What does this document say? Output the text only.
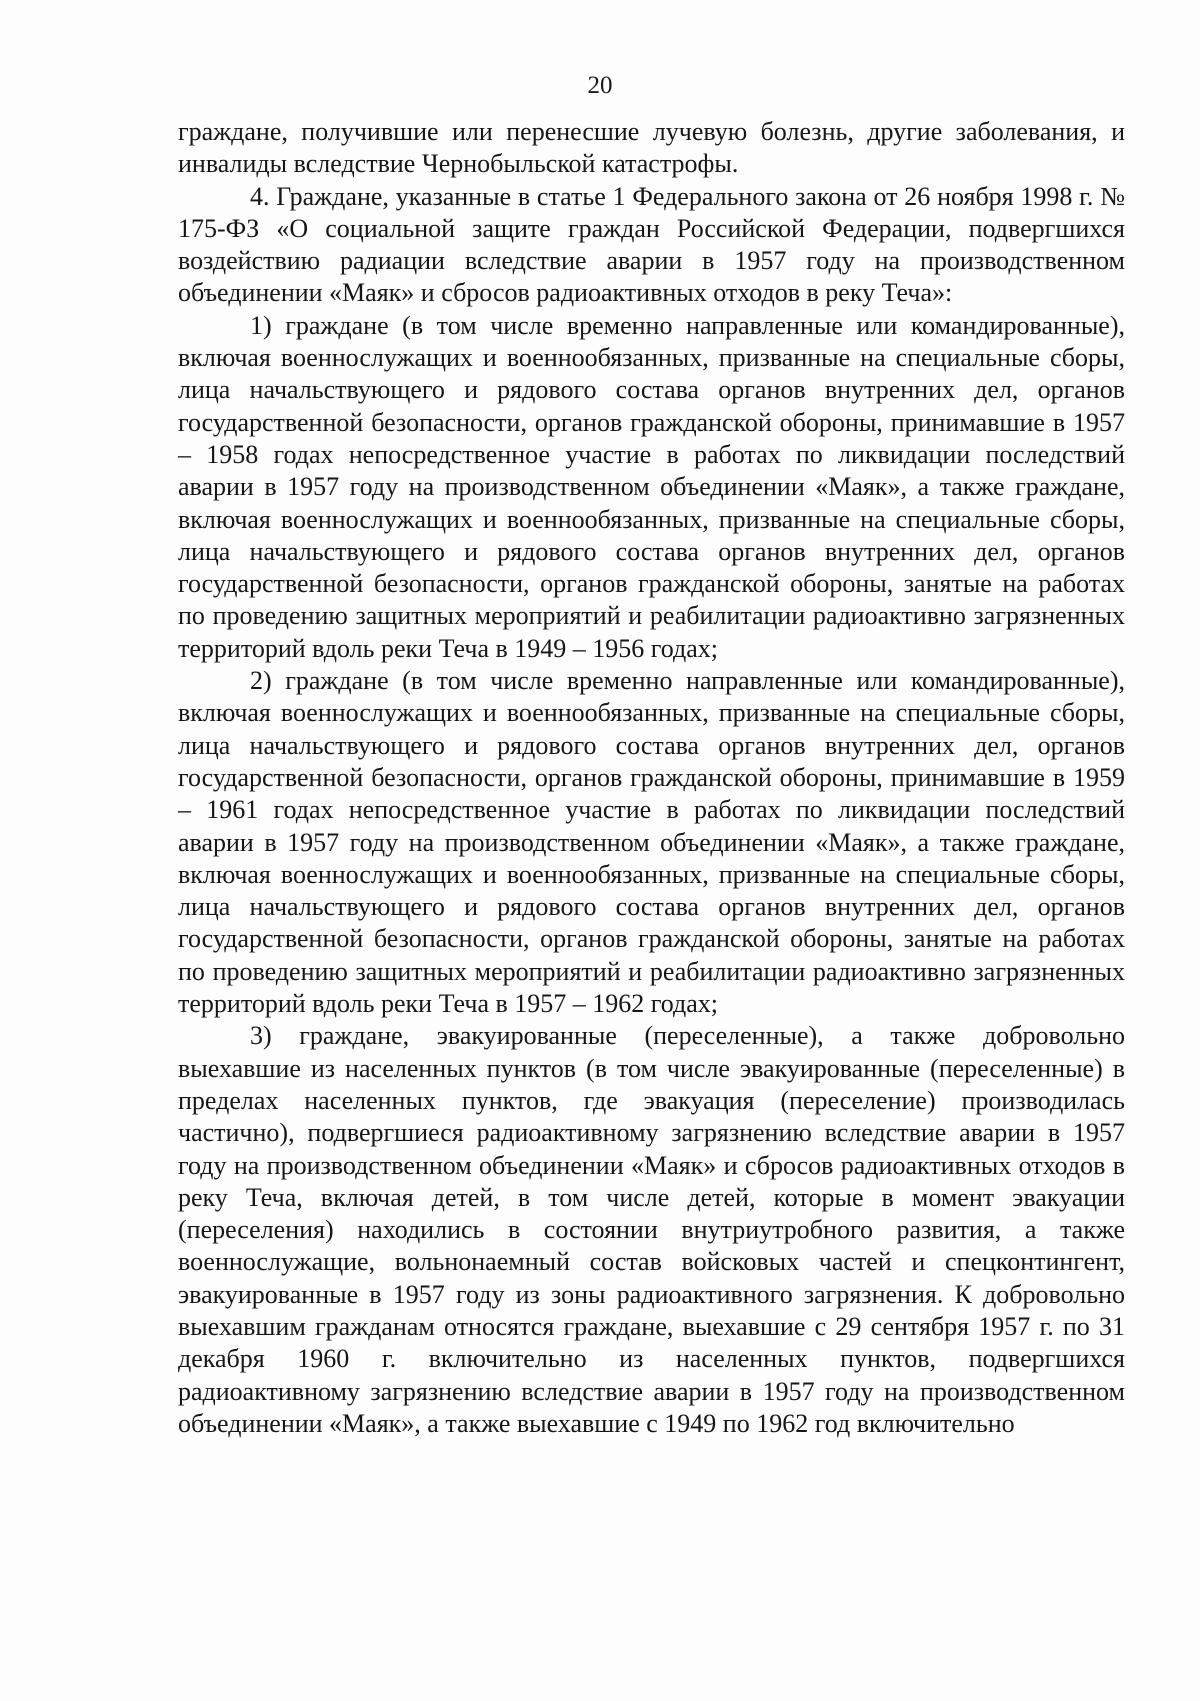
20

граждане, получившие или перенесшие лучевую болезнь, другие заболевания, и инвалиды вследствие Чернобыльской катастрофы.

4. Граждане, указанные в статье 1 Федерального закона от 26 ноября 1998 г. № 175-ФЗ «О социальной защите граждан Российской Федерации, подвергшихся воздействию радиации вследствие аварии в 1957 году на производственном объединении «Маяк» и сбросов радиоактивных отходов в реку Теча»:

1) граждане (в том числе временно направленные или командированные), включая военнослужащих и военнообязанных, призванные на специальные сборы, лица начальствующего и рядового состава органов внутренних дел, органов государственной безопасности, органов гражданской обороны, принимавшие в 1957 – 1958 годах непосредственное участие в работах по ликвидации последствий аварии в 1957 году на производственном объединении «Маяк», а также граждане, включая военнослужащих и военнообязанных, призванные на специальные сборы, лица начальствующего и рядового состава органов внутренних дел, органов государственной безопасности, органов гражданской обороны, занятые на работах по проведению защитных мероприятий и реабилитации радиоактивно загрязненных территорий вдоль реки Теча в 1949 – 1956 годах;

2) граждане (в том числе временно направленные или командированные), включая военнослужащих и военнообязанных, призванные на специальные сборы, лица начальствующего и рядового состава органов внутренних дел, органов государственной безопасности, органов гражданской обороны, принимавшие в 1959 – 1961 годах непосредственное участие в работах по ликвидации последствий аварии в 1957 году на производственном объединении «Маяк», а также граждане, включая военнослужащих и военнообязанных, призванные на специальные сборы, лица начальствующего и рядового состава органов внутренних дел, органов государственной безопасности, органов гражданской обороны, занятые на работах по проведению защитных мероприятий и реабилитации радиоактивно загрязненных территорий вдоль реки Теча в 1957 – 1962 годах;

3) граждане, эвакуированные (переселенные), а также добровольно выехавшие из населенных пунктов (в том числе эвакуированные (переселенные) в пределах населенных пунктов, где эвакуация (переселение) производилась частично), подвергшиеся радиоактивному загрязнению вследствие аварии в 1957 году на производственном объединении «Маяк» и сбросов радиоактивных отходов в реку Теча, включая детей, в том числе детей, которые в момент эвакуации (переселения) находились в состоянии внутриутробного развития, а также военнослужащие, вольнонаемный состав войсковых частей и спецконтингент, эвакуированные в 1957 году из зоны радиоактивного загрязнения. К добровольно выехавшим гражданам относятся граждане, выехавшие с 29 сентября 1957 г. по 31 декабря 1960 г. включительно из населенных пунктов, подвергшихся радиоактивному загрязнению вследствие аварии в 1957 году на производственном объединении «Маяк», а также выехавшие с 1949 по 1962 год включительно
